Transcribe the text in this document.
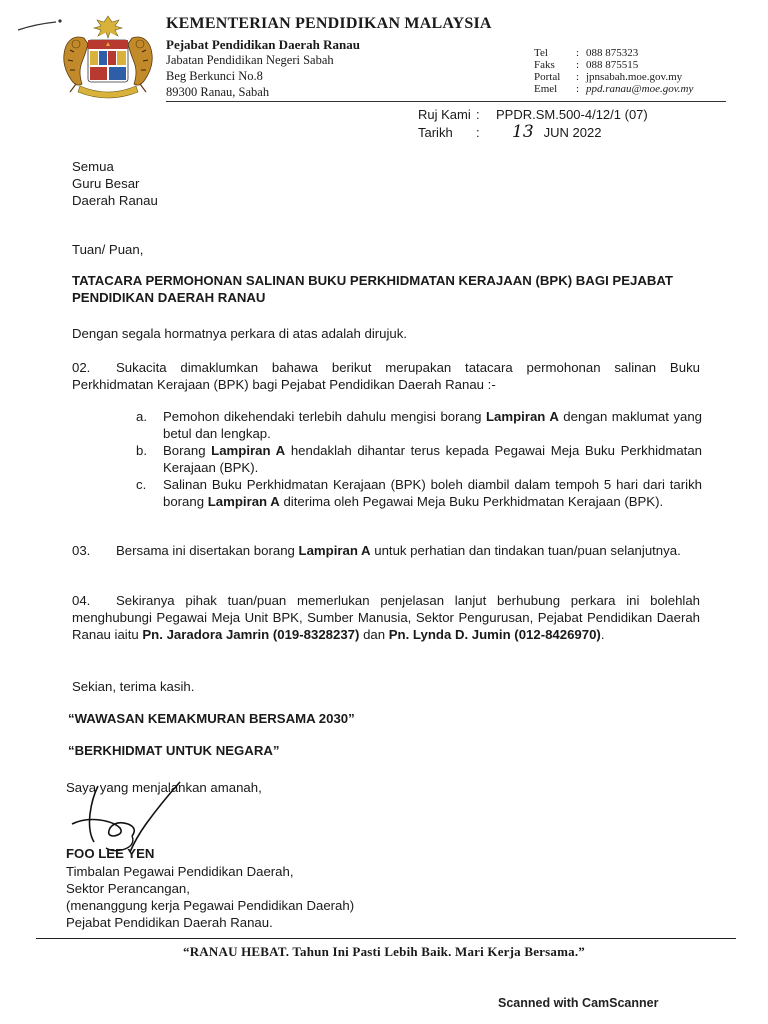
KEMENTERIAN PENDIDIKAN MALAYSIA
Pejabat Pendidikan Daerah Ranau
Jabatan Pendidikan Negeri Sabah
Beg Berkunci No.8
89300 Ranau, Sabah
Tel	: 088 875323
Faks	: 088 875515
Portal	: jpnsabah.moe.gov.my
Emel	: ppd.ranau@moe.gov.my
Ruj Kami :	PPDR.SM.500-4/12/1 (07)
Tarikh	:	13 JUN 2022
Semua
Guru Besar
Daerah Ranau
Tuan/ Puan,
TATACARA PERMOHONAN SALINAN BUKU PERKHIDMATAN KERAJAAN (BPK) BAGI PEJABAT PENDIDIKAN DAERAH RANAU
Dengan segala hormatnya perkara di atas adalah dirujuk.
02. Sukacita dimaklumkan bahawa berikut merupakan tatacara permohonan salinan Buku Perkhidmatan Kerajaan (BPK) bagi Pejabat Pendidikan Daerah Ranau :-
a.	Pemohon dikehendaki terlebih dahulu mengisi borang Lampiran A dengan maklumat yang betul dan lengkap.
b.	Borang Lampiran A hendaklah dihantar terus kepada Pegawai Meja Buku Perkhidmatan Kerajaan (BPK).
c.	Salinan Buku Perkhidmatan Kerajaan (BPK) boleh diambil dalam tempoh 5 hari dari tarikh borang Lampiran A diterima oleh Pegawai Meja Buku Perkhidmatan Kerajaan (BPK).
03. Bersama ini disertakan borang Lampiran A untuk perhatian dan tindakan tuan/puan selanjutnya.
04. Sekiranya pihak tuan/puan memerlukan penjelasan lanjut berhubung perkara ini bolehlah menghubungi Pegawai Meja Unit BPK, Sumber Manusia, Sektor Pengurusan, Pejabat Pendidikan Daerah Ranau iaitu Pn. Jaradora Jamrin (019-8328237) dan Pn. Lynda D. Jumin (012-8426970).
Sekian, terima kasih.
“WAWASAN KEMAKMURAN BERSAMA 2030”
“BERKHIDMAT UNTUK NEGARA”
Saya yang menjalankan amanah,
FOO LEE YEN
Timbalan Pegawai Pendidikan Daerah,
Sektor Perancangan,
(menanggung kerja Pegawai Pendidikan Daerah)
Pejabat Pendidikan Daerah Ranau.
“RANAU HEBAT. Tahun Ini Pasti Lebih Baik. Mari Kerja Bersama.”
Scanned with CamScanner
